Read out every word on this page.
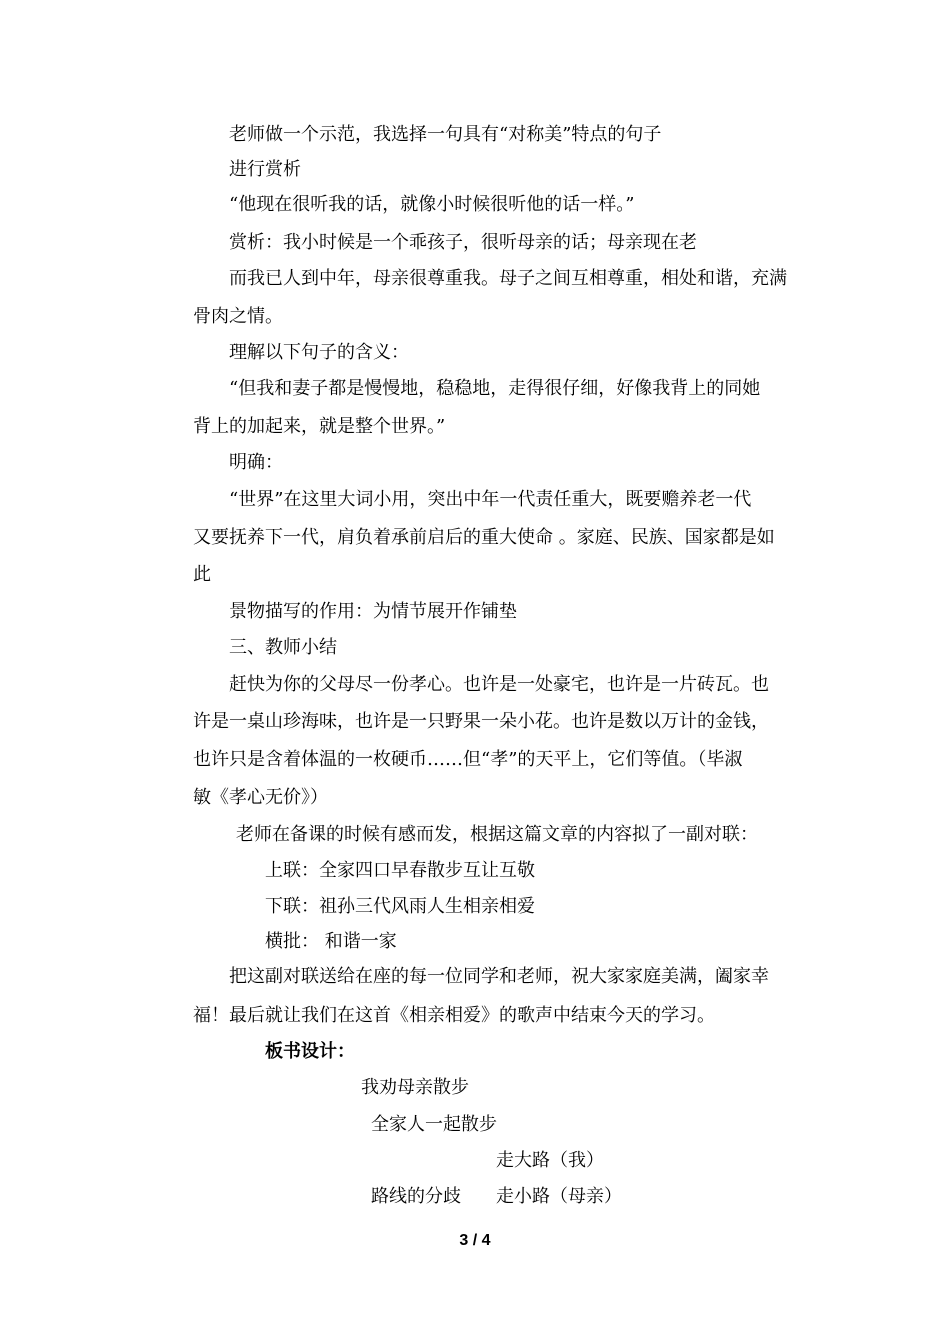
老师做一个示范，我选择一句具有“对称美”特点的句子
进行赏析
“他现在很听我的话，就像小时候很听他的话一样。”
赏析：我小时候是一个乖孩子，很听母亲的话；母亲现在老
而我已人到中年，母亲很尊重我。母子之间互相尊重，相处和谐，充满
骨肉之情。
理解以下句子的含义：
“但我和妻子都是慢慢地，稳稳地，走得很仔细，好像我背上的同她
背上的加起来，就是整个世界。”
明确：
“世界”在这里大词小用，突出中年一代责任重大，既要赡养老一代
又要抚养下一代，肩负着承前启后的重大使命 。家庭、民族、国家都是如
此
景物描写的作用：为情节展开作铺垫
三、教师小结
赶快为你的父母尽一份孝心。也许是一处豪宅，也许是一片砖瓦。也
许是一桌山珍海味，也许是一只野果一朵小花。也许是数以万计的金钱，
也许只是含着体温的一枚硬币……但“孝”的天平上，它们等值。（毕淑
敏《孝心无价》）
老师在备课的时候有感而发，根据这篇文章的内容拟了一副对联：
上联：全家四口早春散步互让互敬
下联：祖孙三代风雨人生相亲相爱
横批： 和谐一家
把这副对联送给在座的每一位同学和老师，祝大家家庭美满，阖家幸
福！最后就让我们在这首《相亲相爱》的歌声中结束今天的学习。
板书设计：
我劝母亲散步
全家人一起散步
走大路（我）
路线的分歧 走小路（母亲）
3 / 4
